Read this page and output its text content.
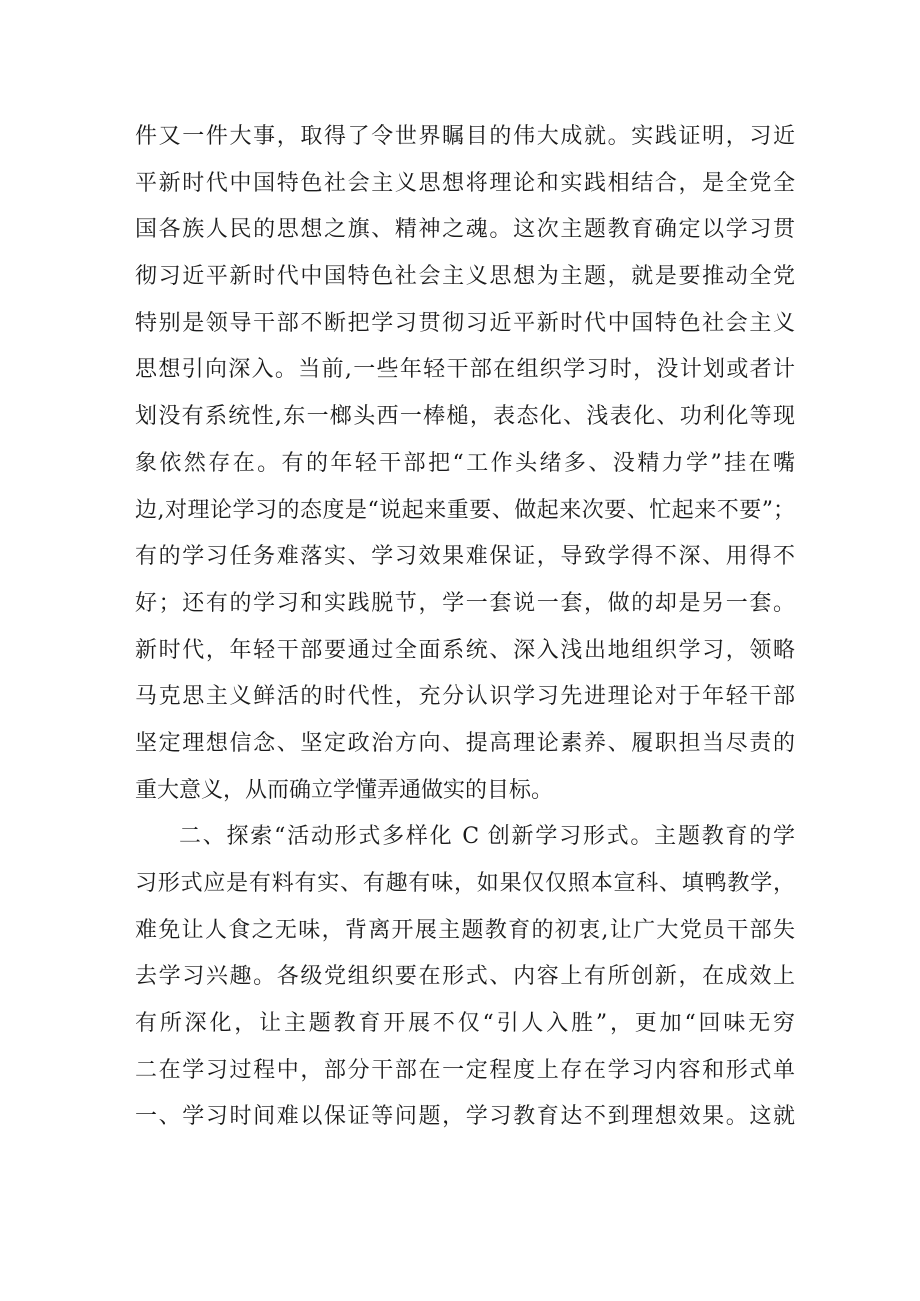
件又一件大事，取得了令世界瞩目的伟大成就。实践证明，习近
平新时代中国特色社会主义思想将理论和实践相结合，是全党全
国各族人民的思想之旗、精神之魂。这次主题教育确定以学习贯
彻习近平新时代中国特色社会主义思想为主题，就是要推动全党
特别是领导干部不断把学习贯彻习近平新时代中国特色社会主义
思想引向深入。当前,一些年轻干部在组织学习时，没计划或者计
划没有系统性,东一榔头西一棒槌，表态化、浅表化、功利化等现
象依然存在。有的年轻干部把“工作头绪多、没精力学”挂在嘴
边,对理论学习的态度是“说起来重要、做起来次要、忙起来不要”；
有的学习任务难落实、学习效果难保证，导致学得不深、用得不
好；还有的学习和实践脱节，学一套说一套，做的却是另一套。
新时代，年轻干部要通过全面系统、深入浅出地组织学习，领略
马克思主义鲜活的时代性，充分认识学习先进理论对于年轻干部
坚定理想信念、坚定政治方向、提高理论素养、履职担当尽责的
重大意义，从而确立学懂弄通做实的目标。
二、探索“活动形式多样化 C 创新学习形式。主题教育的学
习形式应是有料有实、有趣有味，如果仅仅照本宣科、填鸭教学，
难免让人食之无味，背离开展主题教育的初衷,让广大党员干部失
去学习兴趣。各级党组织要在形式、内容上有所创新，在成效上
有所深化，让主题教育开展不仅“引人入胜”，更加“回味无穷
二在学习过程中，部分干部在一定程度上存在学习内容和形式单
一、学习时间难以保证等问题，学习教育达不到理想效果。这就
